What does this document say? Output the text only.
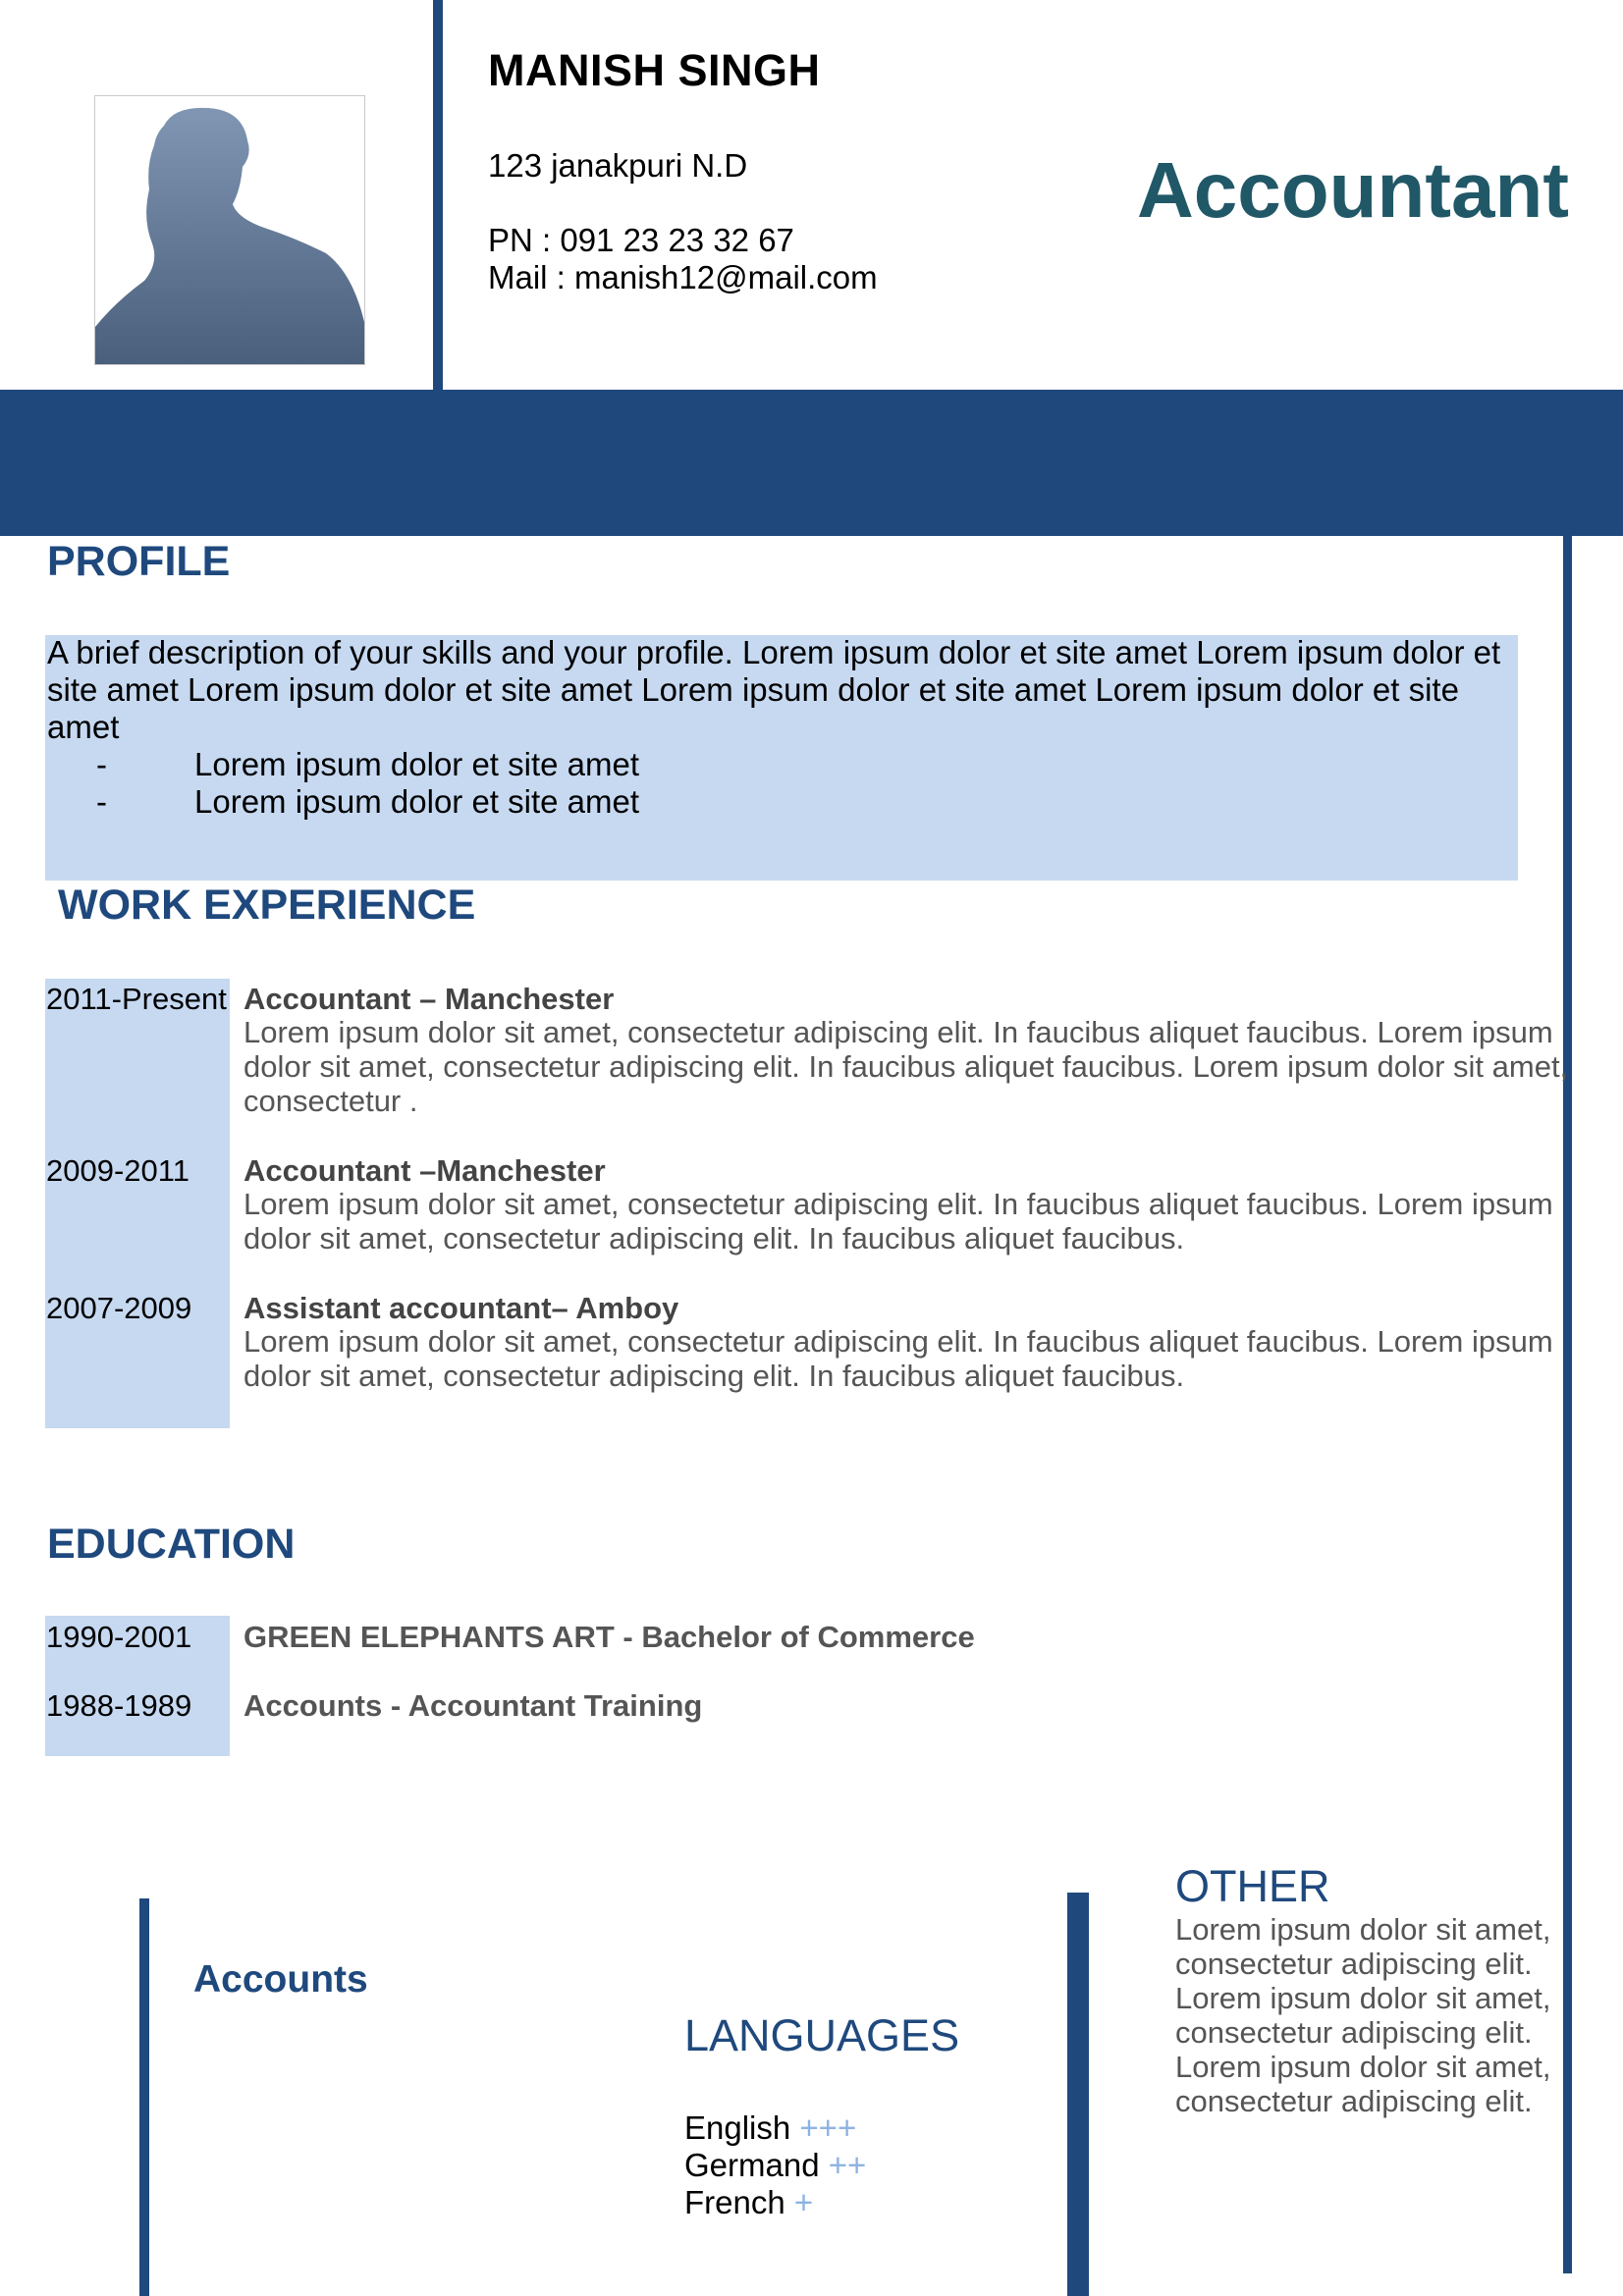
MANISH SINGH
123 janakpuri N.D
PN : 091 23 23 32 67
Mail : manish12@mail.com
Accountant
PROFILE
A brief description of your skills and your profile. Lorem ipsum dolor et site amet Lorem ipsum dolor et site amet Lorem ipsum dolor et site amet Lorem ipsum dolor et site amet Lorem ipsum dolor et site amet
-	Lorem ipsum dolor et site amet
-	Lorem ipsum dolor et site amet
WORK EXPERIENCE
2011-Present Accountant – Manchester
Lorem ipsum dolor sit amet, consectetur adipiscing elit. In faucibus aliquet faucibus. Lorem ipsum dolor sit amet, consectetur adipiscing elit. In faucibus aliquet faucibus. Lorem ipsum dolor sit amet, consectetur .
2009-2011 Accountant –Manchester
Lorem ipsum dolor sit amet, consectetur adipiscing elit. In faucibus aliquet faucibus. Lorem ipsum dolor sit amet, consectetur adipiscing elit. In faucibus aliquet faucibus.
2007-2009 Assistant accountant– Amboy
Lorem ipsum dolor sit amet, consectetur adipiscing elit. In faucibus aliquet faucibus. Lorem ipsum dolor sit amet, consectetur adipiscing elit. In faucibus aliquet faucibus.
EDUCATION
1990-2001 GREEN ELEPHANTS ART - Bachelor of Commerce
1988-1989 Accounts - Accountant Training
Accounts
LANGUAGES
English +++
Germand ++
French +
OTHER
Lorem ipsum dolor sit amet, consectetur adipiscing elit. Lorem ipsum dolor sit amet, consectetur adipiscing elit. Lorem ipsum dolor sit amet, consectetur adipiscing elit.
